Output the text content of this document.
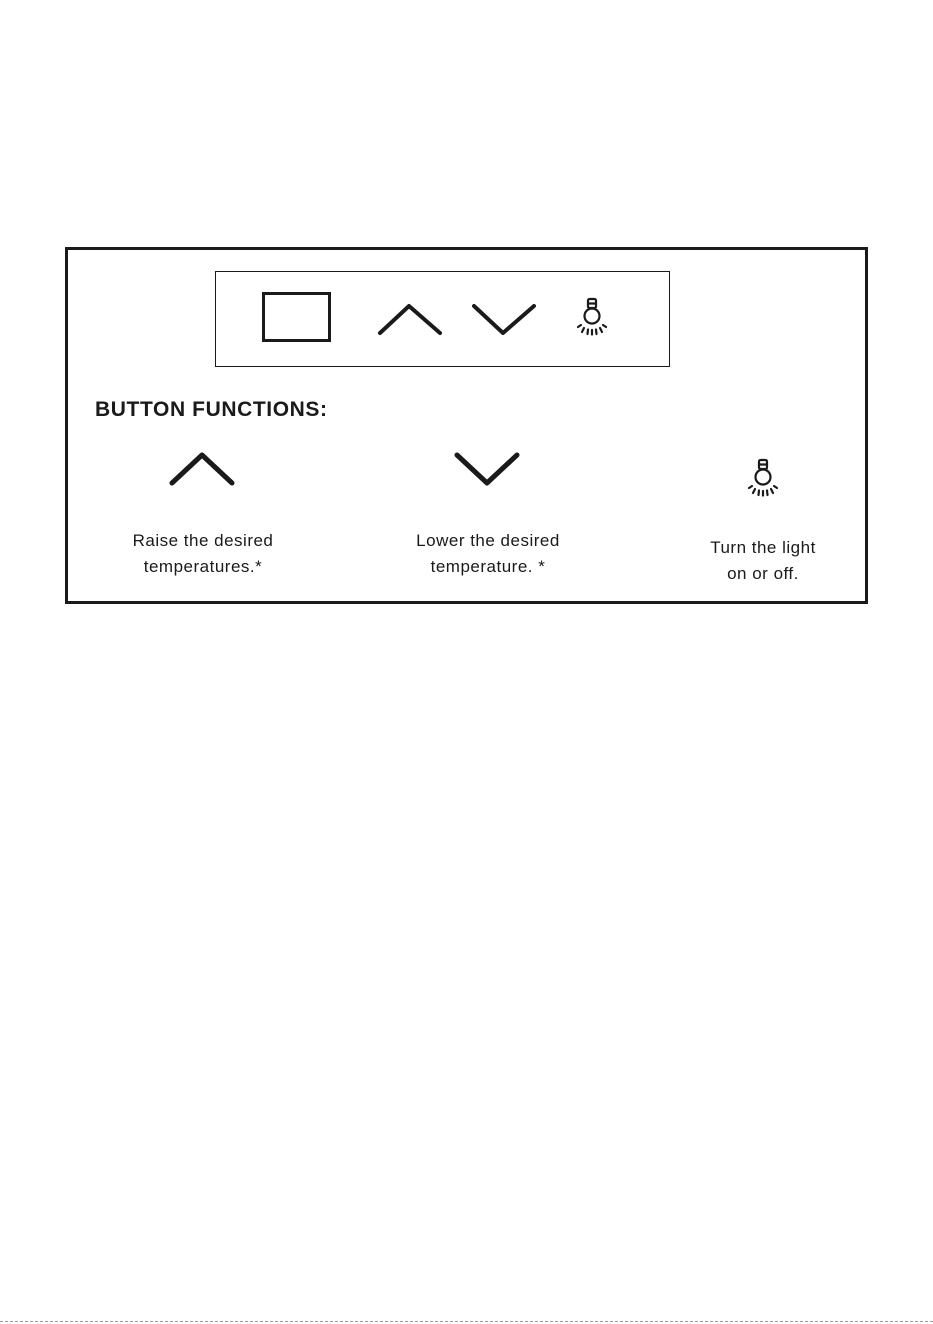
BUTTON FUNCTIONS:
Raise the desired
temperatures.*
Lower the desired
temperature. *
Turn the light
on or off.
